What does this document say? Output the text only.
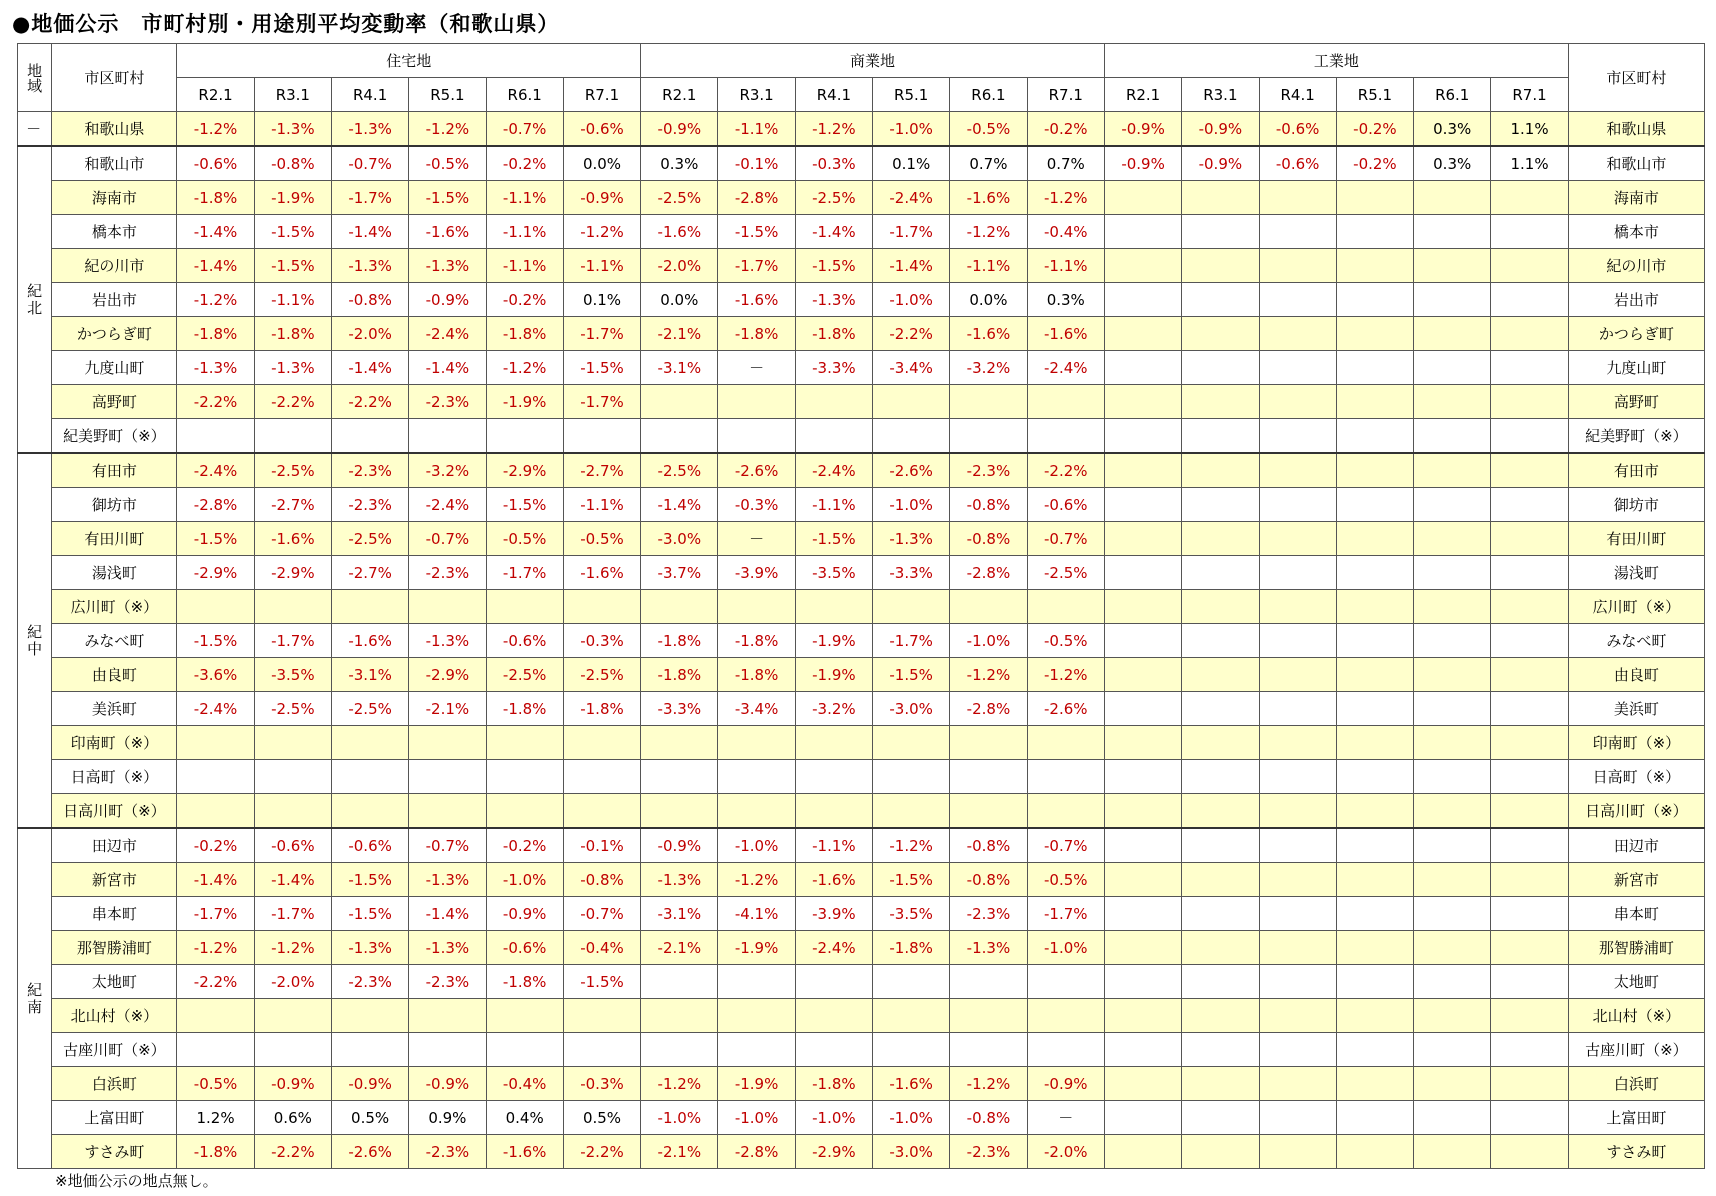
●地価公示　市町村別・用途別平均変動率（和歌山県）
地域	市区町村	住宅地						商業地						工業地						市区町村
		R2.1	R3.1	R4.1	R5.1	R6.1	R7.1	R2.1	R3.1	R4.1	R5.1	R6.1	R7.1	R2.1	R3.1	R4.1	R5.1	R6.1	R7.1	
－	和歌山県	-1.2%	-1.3%	-1.3%	-1.2%	-0.7%	-0.6%	-0.9%	-1.1%	-1.2%	-1.0%	-0.5%	-0.2%	-0.9%	-0.9%	-0.6%	-0.2%	0.3%	1.1%	和歌山県
紀北	和歌山市	-0.6%	-0.8%	-0.7%	-0.5%	-0.2%	0.0%	0.3%	-0.1%	-0.3%	0.1%	0.7%	0.7%	-0.9%	-0.9%	-0.6%	-0.2%	0.3%	1.1%	和歌山市
	海南市	-1.8%	-1.9%	-1.7%	-1.5%	-1.1%	-0.9%	-2.5%	-2.8%	-2.5%	-2.4%	-1.6%	-1.2%							海南市
	橋本市	-1.4%	-1.5%	-1.4%	-1.6%	-1.1%	-1.2%	-1.6%	-1.5%	-1.4%	-1.7%	-1.2%	-0.4%							橋本市
	紀の川市	-1.4%	-1.5%	-1.3%	-1.3%	-1.1%	-1.1%	-2.0%	-1.7%	-1.5%	-1.4%	-1.1%	-1.1%							紀の川市
	岩出市	-1.2%	-1.1%	-0.8%	-0.9%	-0.2%	0.1%	0.0%	-1.6%	-1.3%	-1.0%	0.0%	0.3%							岩出市
	かつらぎ町	-1.8%	-1.8%	-2.0%	-2.4%	-1.8%	-1.7%	-2.1%	-1.8%	-1.8%	-2.2%	-1.6%	-1.6%							かつらぎ町
	九度山町	-1.3%	-1.3%	-1.4%	-1.4%	-1.2%	-1.5%	-3.1%	－	-3.3%	-3.4%	-3.2%	-2.4%							九度山町
	高野町	-2.2%	-2.2%	-2.2%	-2.3%	-1.9%	-1.7%													高野町
	紀美野町（※）																			紀美野町（※）
紀中	有田市	-2.4%	-2.5%	-2.3%	-3.2%	-2.9%	-2.7%	-2.5%	-2.6%	-2.4%	-2.6%	-2.3%	-2.2%							有田市
	御坊市	-2.8%	-2.7%	-2.3%	-2.4%	-1.5%	-1.1%	-1.4%	-0.3%	-1.1%	-1.0%	-0.8%	-0.6%							御坊市
	有田川町	-1.5%	-1.6%	-2.5%	-0.7%	-0.5%	-0.5%	-3.0%	－	-1.5%	-1.3%	-0.8%	-0.7%							有田川町
	湯浅町	-2.9%	-2.9%	-2.7%	-2.3%	-1.7%	-1.6%	-3.7%	-3.9%	-3.5%	-3.3%	-2.8%	-2.5%							湯浅町
	広川町（※）																			広川町（※）
	みなべ町	-1.5%	-1.7%	-1.6%	-1.3%	-0.6%	-0.3%	-1.8%	-1.8%	-1.9%	-1.7%	-1.0%	-0.5%							みなべ町
	由良町	-3.6%	-3.5%	-3.1%	-2.9%	-2.5%	-2.5%	-1.8%	-1.8%	-1.9%	-1.5%	-1.2%	-1.2%							由良町
	美浜町	-2.4%	-2.5%	-2.5%	-2.1%	-1.8%	-1.8%	-3.3%	-3.4%	-3.2%	-3.0%	-2.8%	-2.6%							美浜町
	印南町（※）																			印南町（※）
	日高町（※）																			日高町（※）
	日高川町（※）																			日高川町（※）
紀南	田辺市	-0.2%	-0.6%	-0.6%	-0.7%	-0.2%	-0.1%	-0.9%	-1.0%	-1.1%	-1.2%	-0.8%	-0.7%							田辺市
	新宮市	-1.4%	-1.4%	-1.5%	-1.3%	-1.0%	-0.8%	-1.3%	-1.2%	-1.6%	-1.5%	-0.8%	-0.5%							新宮市
	串本町	-1.7%	-1.7%	-1.5%	-1.4%	-0.9%	-0.7%	-3.1%	-4.1%	-3.9%	-3.5%	-2.3%	-1.7%							串本町
	那智勝浦町	-1.2%	-1.2%	-1.3%	-1.3%	-0.6%	-0.4%	-2.1%	-1.9%	-2.4%	-1.8%	-1.3%	-1.0%							那智勝浦町
	太地町	-2.2%	-2.0%	-2.3%	-2.3%	-1.8%	-1.5%													太地町
	北山村（※）																			北山村（※）
	古座川町（※）																			古座川町（※）
	白浜町	-0.5%	-0.9%	-0.9%	-0.9%	-0.4%	-0.3%	-1.2%	-1.9%	-1.8%	-1.6%	-1.2%	-0.9%							白浜町
	上富田町	1.2%	0.6%	0.5%	0.9%	0.4%	0.5%	-1.0%	-1.0%	-1.0%	-1.0%	-0.8%	－							上富田町
	すさみ町	-1.8%	-2.2%	-2.6%	-2.3%	-1.6%	-2.2%	-2.1%	-2.8%	-2.9%	-3.0%	-2.3%	-2.0%							すさみ町
※地価公示の地点無し。
